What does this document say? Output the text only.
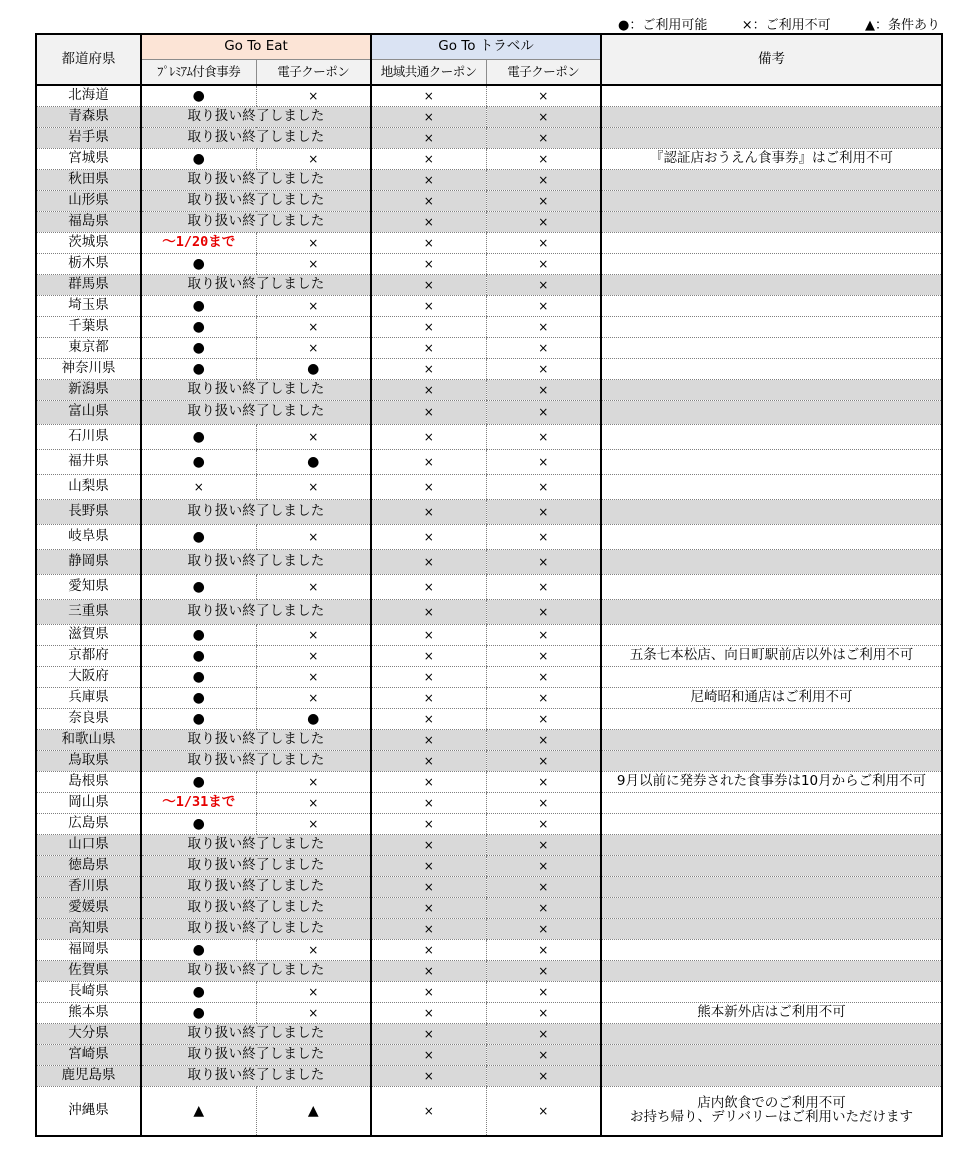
●：ご利用可能	×：ご利用不可	▲：条件あり
都道府県	Go To Eat		Go To トラベル		備考
	ﾌﾟﾚﾐｱﾑ付食事券	電子クーポン	地域共通クーポン	電子クーポン	
北海道	●	×	×	×	
青森県	取り扱い終了しました		×	×	
岩手県	取り扱い終了しました		×	×	
宮城県	●	×	×	×	『認証店おうえん食事券』はご利用不可
秋田県	取り扱い終了しました		×	×	
山形県	取り扱い終了しました		×	×	
福島県	取り扱い終了しました		×	×	
茨城県	～1/20まで	×	×	×	
栃木県	●	×	×	×	
群馬県	取り扱い終了しました		×	×	
埼玉県	●	×	×	×	
千葉県	●	×	×	×	
東京都	●	×	×	×	
神奈川県	●	●	×	×	
新潟県	取り扱い終了しました		×	×	
富山県	取り扱い終了しました		×	×	
石川県	●	×	×	×	
福井県	●	●	×	×	
山梨県	×	×	×	×	
長野県	取り扱い終了しました		×	×	
岐阜県	●	×	×	×	
静岡県	取り扱い終了しました		×	×	
愛知県	●	×	×	×	
三重県	取り扱い終了しました		×	×	
滋賀県	●	×	×	×	
京都府	●	×	×	×	五条七本松店、向日町駅前店以外はご利用不可
大阪府	●	×	×	×	
兵庫県	●	×	×	×	尼崎昭和通店はご利用不可
奈良県	●	●	×	×	
和歌山県	取り扱い終了しました		×	×	
鳥取県	取り扱い終了しました		×	×	
島根県	●	×	×	×	9月以前に発券された食事券は10月からご利用不可
岡山県	～1/31まで	×	×	×	
広島県	●	×	×	×	
山口県	取り扱い終了しました		×	×	
徳島県	取り扱い終了しました		×	×	
香川県	取り扱い終了しました		×	×	
愛媛県	取り扱い終了しました		×	×	
高知県	取り扱い終了しました		×	×	
福岡県	●	×	×	×	
佐賀県	取り扱い終了しました		×	×	
長崎県	●	×	×	×	
熊本県	●	×	×	×	熊本新外店はご利用不可
大分県	取り扱い終了しました		×	×	
宮崎県	取り扱い終了しました		×	×	
鹿児島県	取り扱い終了しました		×	×	
沖縄県	▲	▲	×	×	店内飲食でのご利用不可
お持ち帰り、デリバリーはご利用いただけます
